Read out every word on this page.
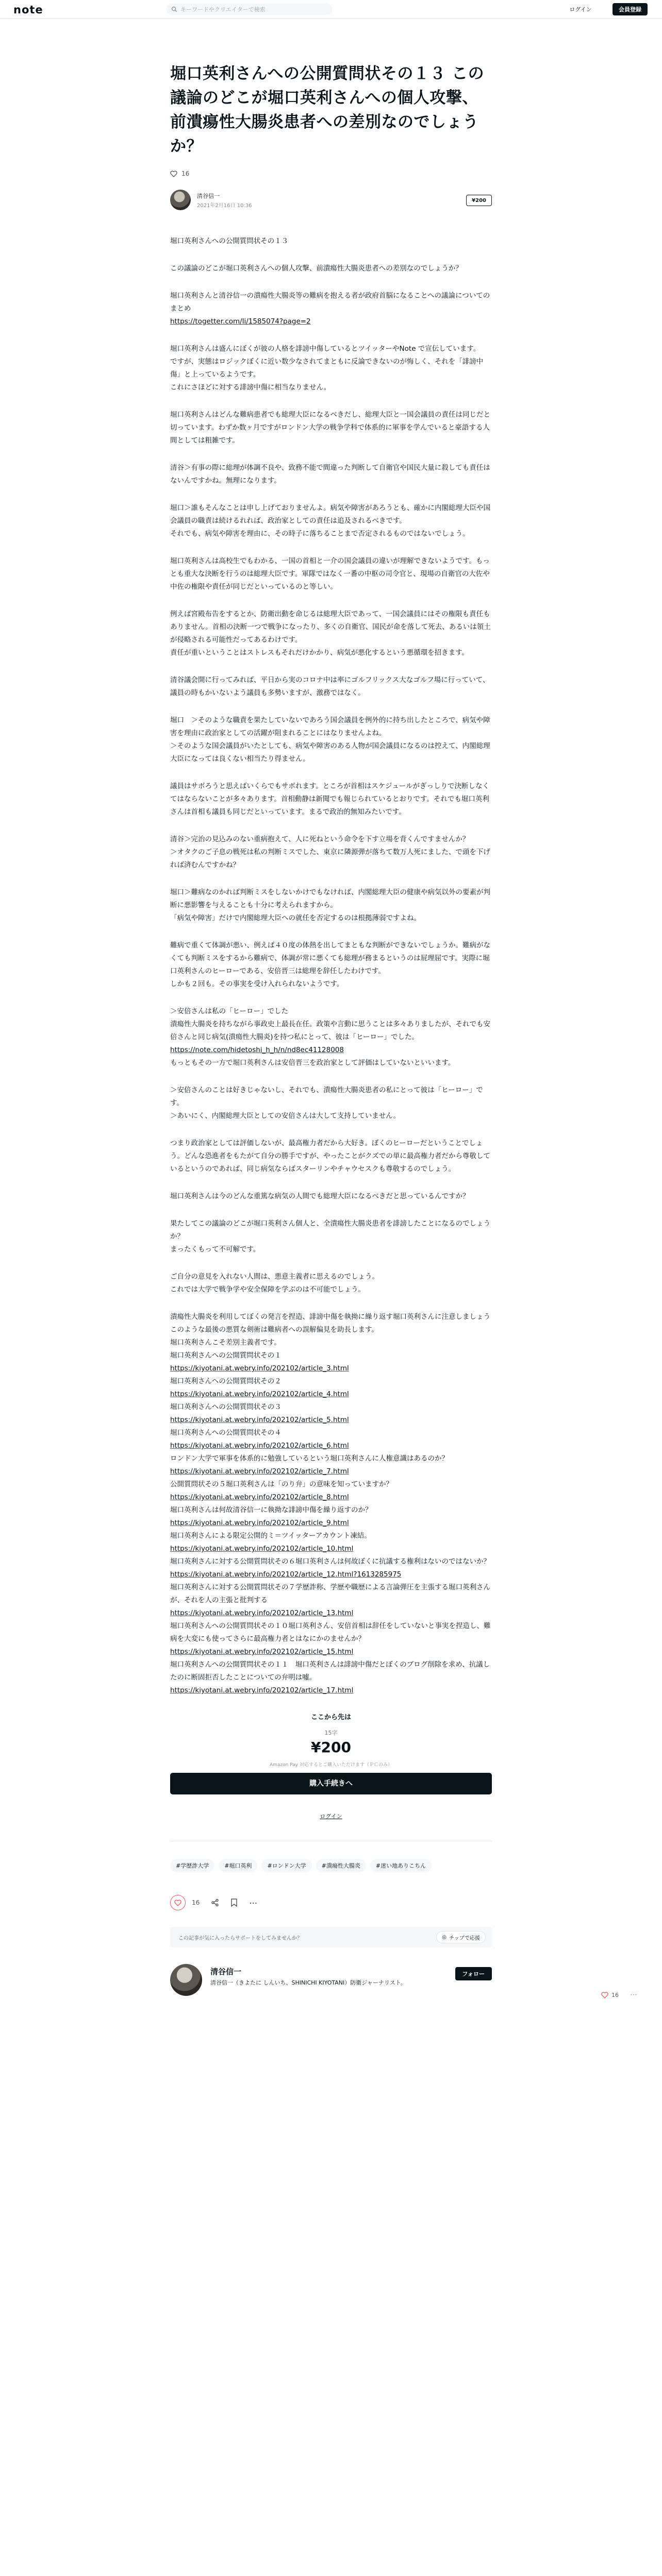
note	キーワードやクリエイターで検索	ログイン	会員登録
16 ⋯
堀口英利さんへの公開質問状その１３ この議論のどこが堀口英利さんへの個人攻撃、前潰瘍性大腸炎患者への差別なのでしょうか？
16
清谷信一
2021年2月16日 10:36
¥200
堀口英利さんへの公開質問状その１３
この議論のどこが堀口英利さんへの個人攻撃、前潰瘍性大腸炎患者への差別なのでしょうか？
堀口英利さんと清谷信一の潰瘍性大腸炎等の難病を抱える者が政府首脳になることへの議論についてのまとめ
https://togetter.com/li/1585074?page=2
堀口英利さんは盛んにぼくが彼の人格を誹謗中傷しているとツイッターやNote で宣伝しています。
ですが、実態はロジックぼくに近い数少なされてまともに反論できないのが悔しく、それを「誹謗中傷」と上っているようです。
これにさほどに対する誹謗中傷に相当なりません。
堀口英利さんはどんな難病患者でも総理大臣になるべきだし、総理大臣と一国会議員の責任は同じだと切っています。わずか数ヶ月ですがロンドン大学の戦争学科で体系的に軍事を学んでいると豪語する人間としては粗雑です。
清谷＞有事の際に総理が体調不良や、致務不能で間違った判断して自衛官や国民大量に殺しても責任はないんですかね。無理になります。
堀口＞誰もそんなことは申し上げておりませんよ。病気や障害があろうとも、確かに内閣総理大臣や国会議員の職責は続けるれれば、政治家としての責任は追及されるべきです。
それでも、病気や障害を理由に、その時子に落ちることまで否定されるものではないでしょう。
堀口英利さんは高校生でもわかる、一国の首相と一介の国会議員の違いが理解できないようです。もっとも重大な決断を行うのは総理大臣です。軍隊ではなく一番の中枢の司令官と、現場の自衛官の大佐や中佐の権限や責任が同じだといっているのと等しい。
例えば宮殿布告をするとか、防衛出動を命じるは総理大臣であって、一国会議員にはその権限も責任もありません。首相の決断一つで戦争になったり、多くの自衛官、国民が命を落して死去、あるいは領土が侵略される可能性だってあるわけです。
責任が重いということはストレスもそれだけかかり、病気が悪化するという悪循環を招きます。
清谷議会開に行ってみれば、平日から実のコロナ中は率にゴルフリックス大なゴルフ場に行っていて、議員の時もかいないよう議員も多勢いますが、激務ではなく。
堀口　＞そのような職責を果たしていないであろう国会議員を例外的に持ち出したところで、病気や障害を理由に政治家としての活躍が阻まれることにはなりませんよね。
＞そのような国会議員がいたとしても、病気や障害のある人物が国会議員になるのは控えて、内閣総理大臣になっては良くない相当たり得ません。
議員はサボろうと思えばいくらでもサボれます。ところが首相はスケジュールがぎっしりで決断しなくてはならないことが多々あります。首相動静は新聞でも報じられているとおりです。それでも堀口英利さんは首相も議員も同じだといっています。まるで政治的無知みたいです。
清谷＞完治の見込みのない重病抱えて、人に死ねという命令を下す立場を背くんですませんか？
＞オタクのご子息の戦死は私の判断ミスでした、東京に隣源弾が落ちて数万人死にました、で頭を下げれば済むんですかね？
堀口＞難病なのかれば判断ミスをしないかけでもなければ、内閣総理大臣の健康や病気以外の要素が判断に悪影響を与えることも十分に考えられますから。
「病気や障害」だけで内閣総理大臣への就任を否定するのは根拠薄弱ですよね。
難病で重くて体調が悪い、例えば４０度の体熱を出してまともな判断ができないでしょうか。難病がなくても判断ミスをするから難病で、体調が常に悪くても総理が務まるというのは屁理屈です。実際に堀口英利さんのヒーローである、安倍晋三は総理を辞任したわけです。
しかも２回も。その事実を受け入れられないようです。
＞安倍さんは私の「ヒーロー」でした
潰瘍性大腸炎を持ちながら事政史上最長在任。政策や言動に思うことは多々ありましたが、それでも安倍さんと同じ病気(潰瘍性大腸炎)を持つ私にとって、彼は「ヒーロー」でした。
https://note.com/hidetoshi_h_h/n/nd8ec41128008
もっともその一方で堀口英利さんは安倍晋三を政治家として評価はしていないといいます。
＞安倍さんのことは好きじゃないし、それでも、潰瘍性大腸炎患者の私にとって彼は「ヒーロー」です。
＞あいにく、内閣総理大臣としての安倍さんは大して支持していません。
つまり政治家としては評価しないが、最高権力者だから大好き。ぼくのヒーローだということでしょう。どんな恐進者をもたがて自分の勝手ですが、やったことがクズでの単に最高権力者だから尊敬しているというのであれば、同じ病気ならばスターリンやチャウセスクも尊敬するのでしょう。
堀口英利さんは今のどんな重篤な病気の人間でも総理大臣になるべきだと思っているんですか？
果たしてこの議論のどこが堀口英利さん個人と、全潰瘍性大腸炎患者を誹謗したことになるのでしょうか？
まったくもって不可解です。
ご自分の意見を入れない人間は、悪意主義者に思えるのでしょう。
これでは大学で戦争学や安全保障を学ぶのは不可能でしょう。
潰瘍性大腸炎を利用してぼくの発言を捏造、誹謗中傷を執拗に繰り返す堀口英利さんに注意しましょう
このような最後の悪質な剣術は難病者への誤解偏見を助長します。
堀口英利さんこそ差別主義者です。
堀口英利さんへの公開質問状その１
https://kiyotani.at.webry.info/202102/article_3.html
堀口英利さんへの公開質問状その２
https://kiyotani.at.webry.info/202102/article_4.html
堀口英利さんへの公開質問状その３
https://kiyotani.at.webry.info/202102/article_5.html
堀口英利さんへの公開質問状その４
https://kiyotani.at.webry.info/202102/article_6.html
ロンドン大学で軍事を体系的に勉強しているという堀口英利さんに人権意識はあるのか？
https://kiyotani.at.webry.info/202102/article_7.html
公開質問状その５堀口英利さんは「のり弁」の意味を知っていますか？
https://kiyotani.at.webry.info/202102/article_8.html
堀口英利さんは何故清谷信一に執拗な誹謗中傷を繰り返すのか？
https://kiyotani.at.webry.info/202102/article_9.html
堀口英利さんによる限定公開的ミ＝ツイッターアカウント凍結。
https://kiyotani.at.webry.info/202102/article_10.html
堀口英利さんに対する公開質問状その６堀口英利さんは何故ぼくに抗議する権利はないのではないか？
https://kiyotani.at.webry.info/202102/article_12.html?1613285975
堀口英利さんに対する公開質問状その７学歴詐称、学歴や職歴による言論弾圧を主張する堀口英利さんが、それを人の主張と批判する
https://kiyotani.at.webry.info/202102/article_13.html
堀口英利さんへの公開質問状その１０堀口英利さん、安倍首相は辞任をしていないと事実を捏造し、難病を大変にも使ってさらに最高権力者とはなにかのませんか？
https://kiyotani.at.webry.info/202102/article_15.html
堀口英利さんへの公開質問状その１１　堀口英利さんは誹謗中傷だとぼくのブログ削除を求め、抗議したのに断固拒否したことについての弁明は嘘。
https://kiyotani.at.webry.info/202102/article_17.html
ここから先は
15字
¥200
Amazon Pay 対応するとご購入いただけます（ＰＣのみ）
購入手続きへ
ログイン
#学歴詐大学	#堀口英利	#ロンドン大学	#潰瘍性大腸炎	#迷い地ありこちん
16	⋯
この記事が気に入ったらサポートをしてみませんか？	◎ チップで応援
清谷信一
清谷信一（きよたに しんいち、SHINICHI KIYOTANI）防衛ジャーナリスト。
フォロー
